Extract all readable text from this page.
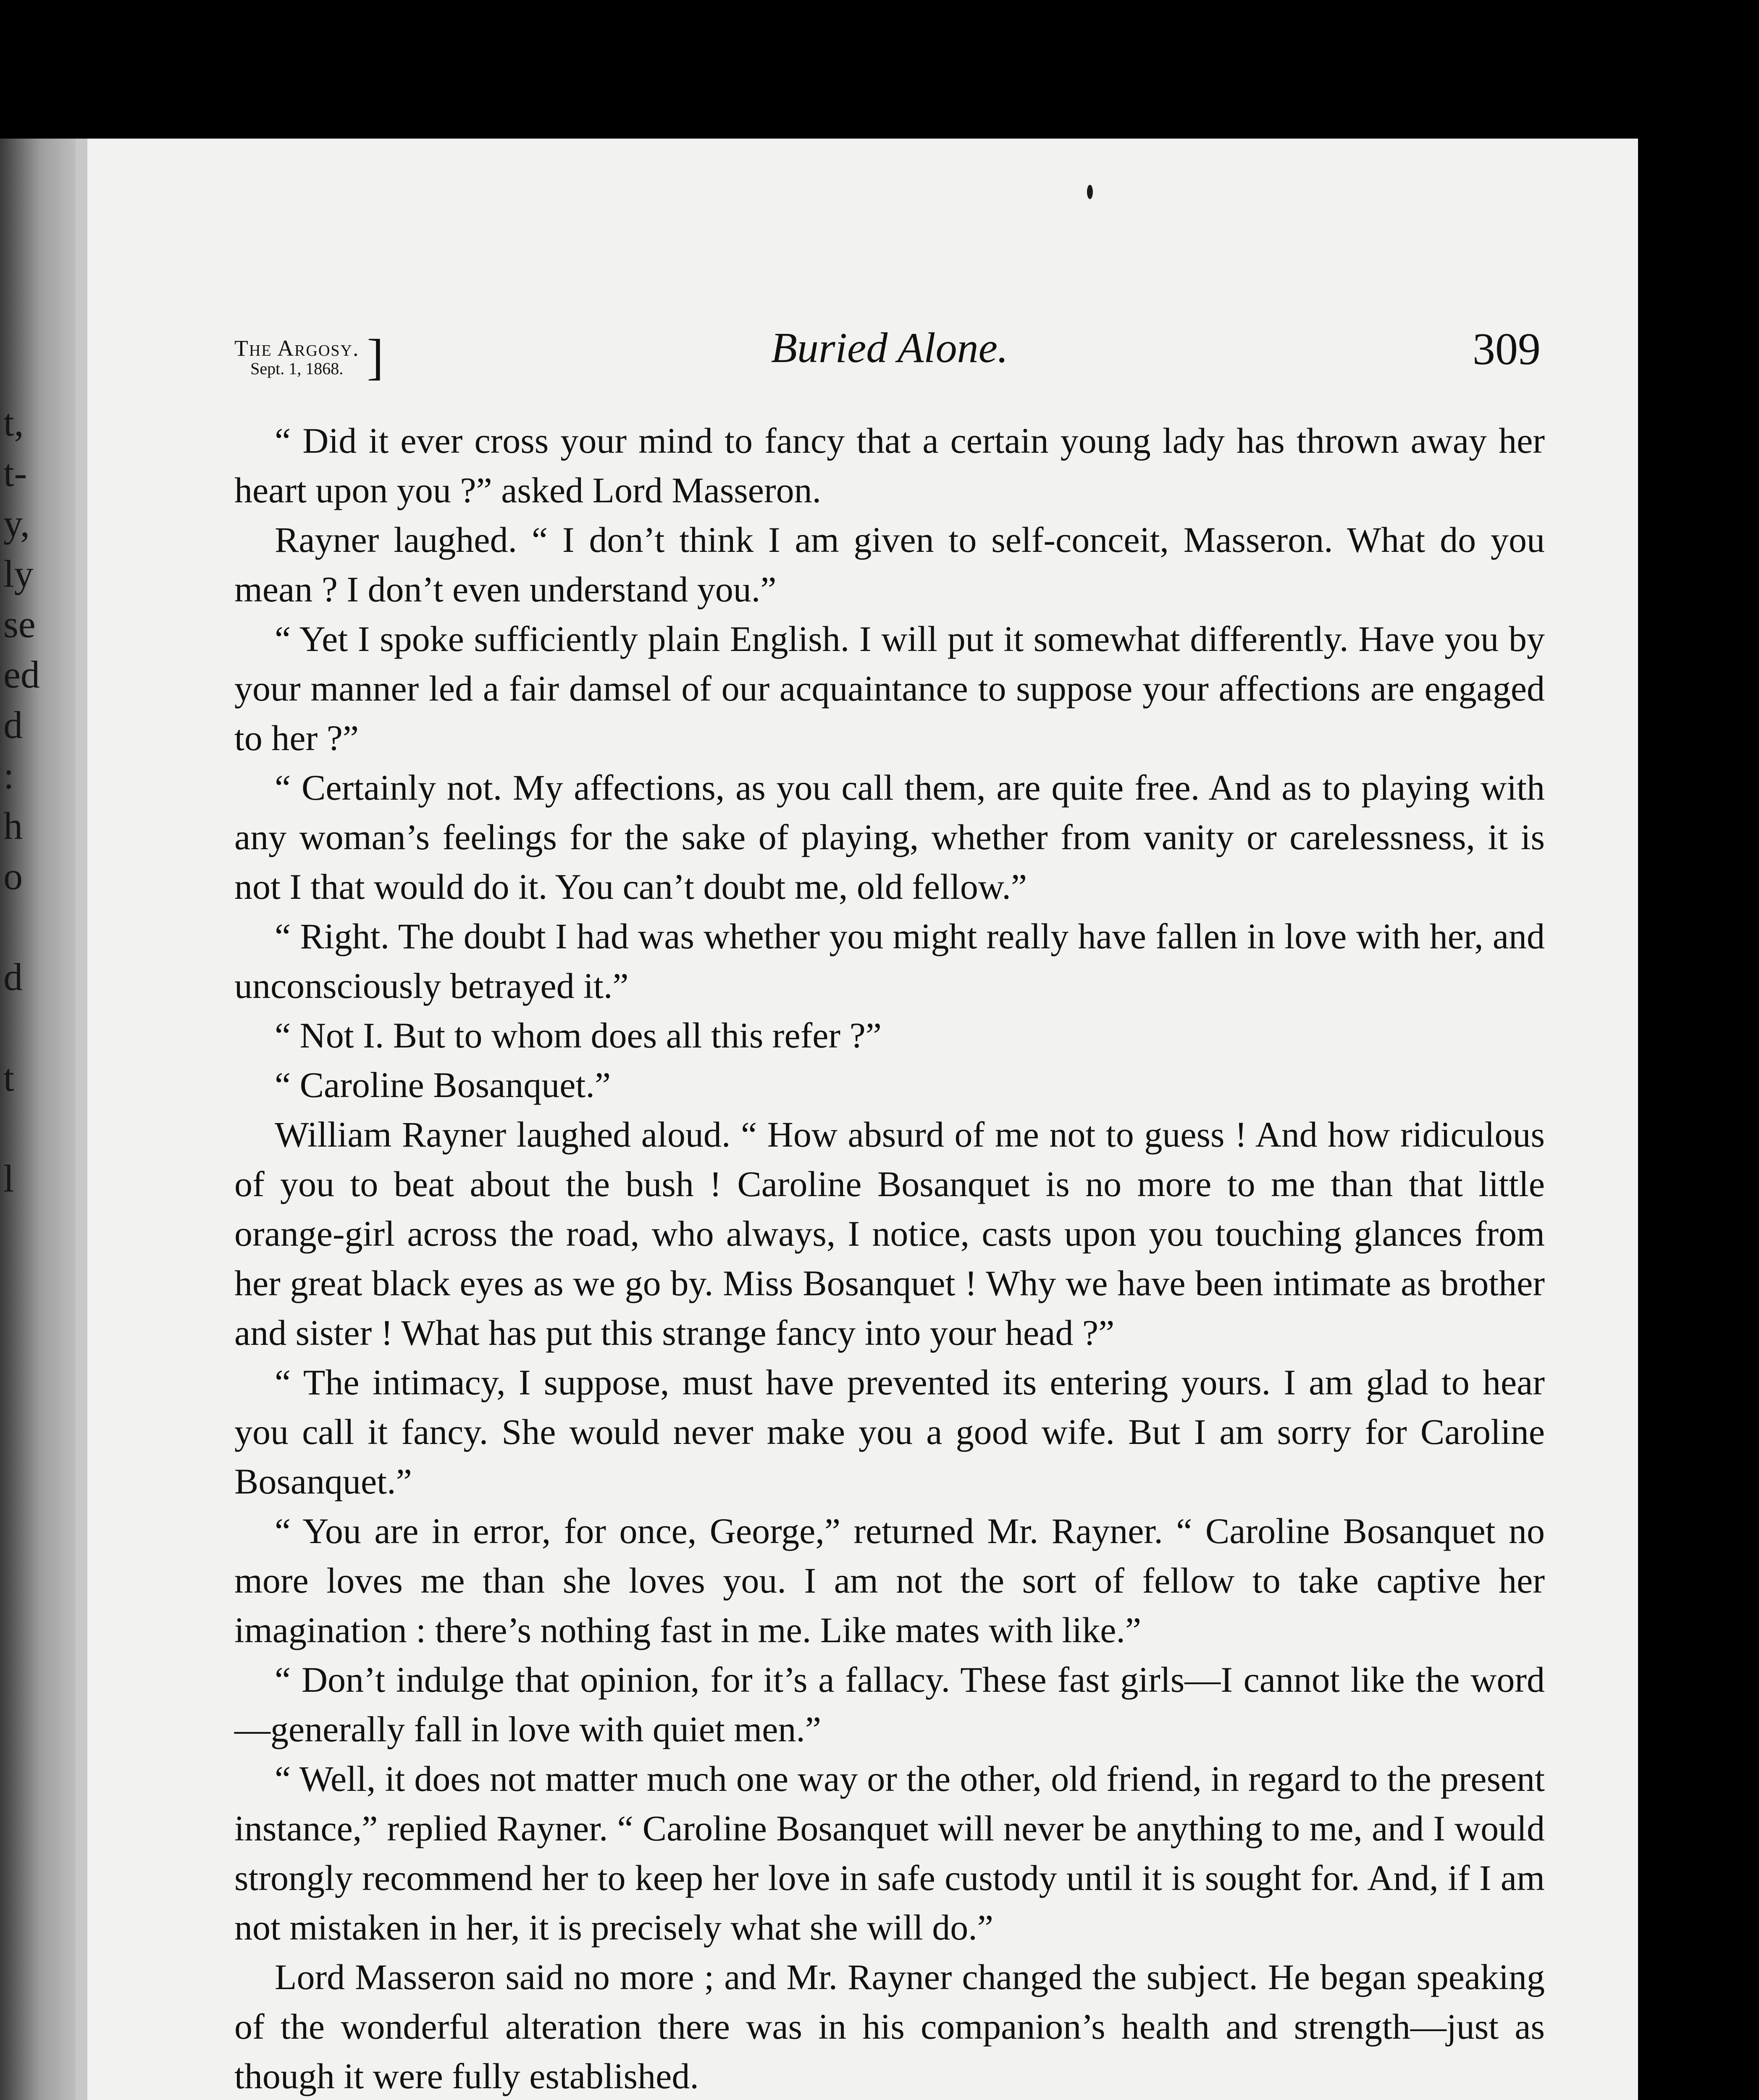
t,
t-
y,
ly
se
ed
d
:
h
o
d
t
l
The Argosy.
Sept. 1, 1868. ]	Buried Alone.	309

“ Did it ever cross your mind to fancy that a certain young lady has thrown away her heart upon you ?” asked Lord Masseron.

Rayner laughed. “ I don’t think I am given to self-conceit, Masseron. What do you mean ? I don’t even understand you.”

“ Yet I spoke sufficiently plain English. I will put it somewhat differently. Have you by your manner led a fair damsel of our acquaintance to suppose your affections are engaged to her ?”

“ Certainly not. My affections, as you call them, are quite free. And as to playing with any woman’s feelings for the sake of playing, whether from vanity or carelessness, it is not I that would do it. You can’t doubt me, old fellow.”

“ Right. The doubt I had was whether you might really have fallen in love with her, and unconsciously betrayed it.”

“ Not I. But to whom does all this refer ?”

“ Caroline Bosanquet.”

William Rayner laughed aloud. “ How absurd of me not to guess ! And how ridiculous of you to beat about the bush ! Caroline Bosanquet is no more to me than that little orange-girl across the road, who always, I notice, casts upon you touching glances from her great black eyes as we go by. Miss Bosanquet ! Why we have been intimate as brother and sister ! What has put this strange fancy into your head ?”

“ The intimacy, I suppose, must have prevented its entering yours. I am glad to hear you call it fancy. She would never make you a good wife. But I am sorry for Caroline Bosanquet.”

“ You are in error, for once, George,” returned Mr. Rayner. “ Caroline Bosanquet no more loves me than she loves you. I am not the sort of fellow to take captive her imagination : there’s nothing fast in me. Like mates with like.”

“ Don’t indulge that opinion, for it’s a fallacy. These fast girls—I cannot like the word—generally fall in love with quiet men.”

“ Well, it does not matter much one way or the other, old friend, in regard to the present instance,” replied Rayner. “ Caroline Bosanquet will never be anything to me, and I would strongly recommend her to keep her love in safe custody until it is sought for. And, if I am not mistaken in her, it is precisely what she will do.”

Lord Masseron said no more ; and Mr. Rayner changed the subject. He began speaking of the wonderful alteration there was in his companion’s health and strength—just as though it were fully established.
